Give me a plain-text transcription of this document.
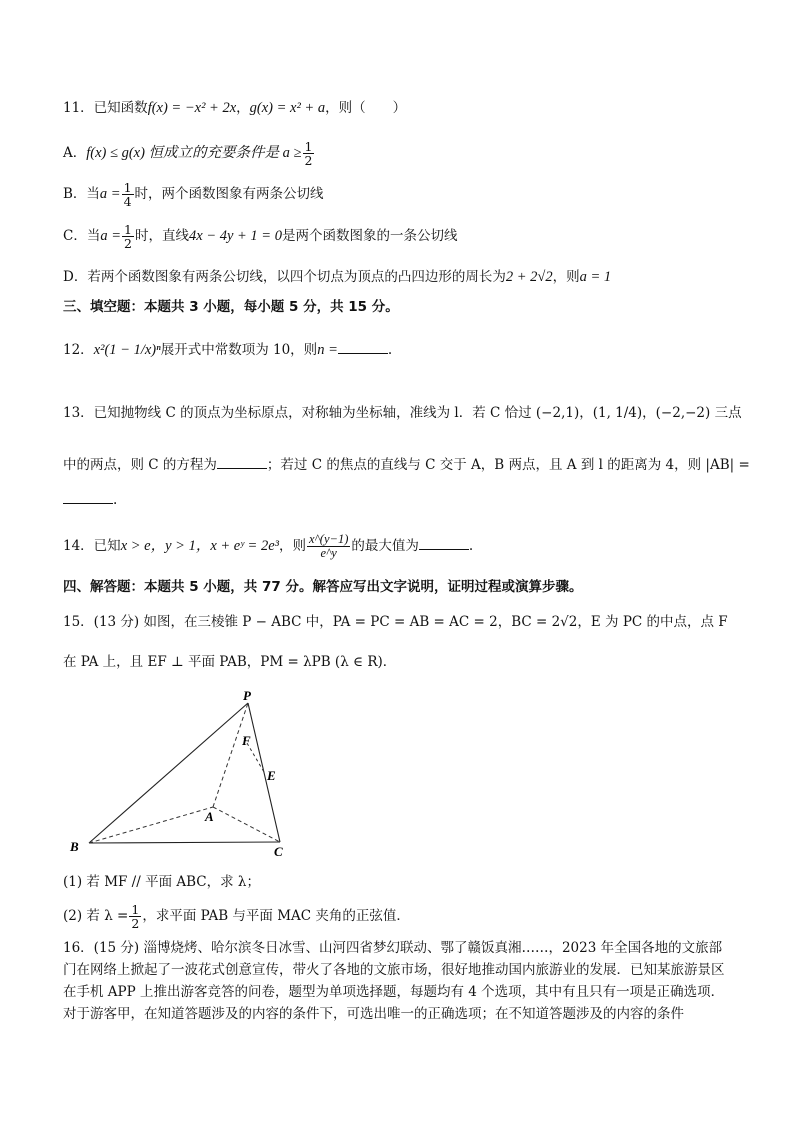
11．已知函数f(x) = −x² + 2x，g(x) = x² + a，则（　　）
A．f(x) ≤ g(x) 恒成立的充要条件是 $a \ge \frac{1}{2}$
B．当$a = \frac{1}{4}$ 时，两个函数图象有两条公切线
C．当$a = \frac{1}{2}$ 时，直线4x − 4y + 1 = 0是两个函数图象的一条公切线
D．若两个函数图象有两条公切线，以四个切点为顶点的凸四边形的周长为2 + 2√2，则a = 1
三、填空题：本题共 3 小题，每小题 5 分，共 15 分。
12．x²(1 − 1/x)ⁿ展开式中常数项为 10，则n =	.
13．已知抛物线 C 的顶点为坐标原点，对称轴为坐标轴，准线为 l．若 C 恰过 (−2,1)，(1, 1/4)，(−2,−2) 三点
中的两点，则 C 的方程为	；若过 C 的焦点的直线与 C 交于 A，B 两点，且 A 到 l 的距离为 4，则 |AB| =
.
14．已知x > e，y > 1，x + eʸ = 2e³，则 $\frac{x\^{}(y-1)}{e\^{}y}$ 的最大值为	.
四、解答题：本题共 5 小题，共 77 分。解答应写出文字说明，证明过程或演算步骤。
15．(13 分) 如图，在三棱锥 P − ABC 中，PA = PC = AB = AC = 2，BC = 2√2，E 为 PC 的中点，点 F
在 PA 上，且 EF ⊥ 平面 PAB，PM = λPB (λ ∈ R)．
P
B
A
C
E
F
(1) 若 MF // 平面 ABC，求 λ；
(2) 若 $\lambda = \frac{1}{2}$ ，求平面 PAB 与平面 MAC 夹角的正弦值．
16．(15 分) 淄博烧烤、哈尔滨冬日冰雪、山河四省梦幻联动、鄂了赣饭真湘……，2023 年全国各地的文旅部门在网络上掀起了一波花式创意宣传，带火了各地的文旅市场，很好地推动国内旅游业的发展．已知某旅游景区在手机 APP 上推出游客竞答的问卷，题型为单项选择题，每题均有 4 个选项，其中有且只有一项是正确选项．对于游客甲，在知道答题涉及的内容的条件下，可选出唯一的正确选项；在不知道答题涉及的内容的条件
